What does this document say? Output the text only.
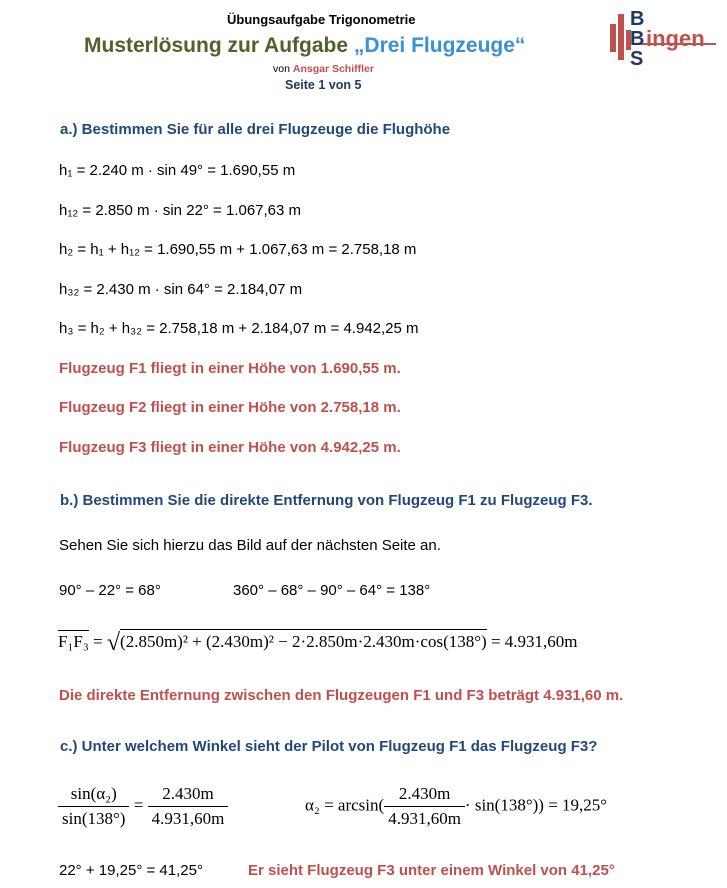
Übungsaufgabe Trigonometrie
Musterlösung zur Aufgabe „Drei Flugzeuge“
von Ansgar Schiffler
Seite 1 von 5
B
B
S
ingen
a.) Bestimmen Sie für alle drei Flugzeuge die Flughöhe
h₁ = 2.240 m · sin 49° = 1.690,55 m
h₁₂ = 2.850 m · sin 22° = 1.067,63 m
h₂ = h₁ + h₁₂ = 1.690,55 m + 1.067,63 m = 2.758,18 m
h₃₂ = 2.430 m · sin 64° = 2.184,07 m
h₃ = h₂ + h₃₂ = 2.758,18 m + 2.184,07 m = 4.942,25 m
Flugzeug F1 fliegt in einer Höhe von 1.690,55 m.
Flugzeug F2 fliegt in einer Höhe von 2.758,18 m.
Flugzeug F3 fliegt in einer Höhe von 4.942,25 m.
b.) Bestimmen Sie die direkte Entfernung von Flugzeug F1 zu Flugzeug F3.
Sehen Sie sich hierzu das Bild auf der nächsten Seite an.
90° – 22° = 68°	360° – 68° – 90° – 64° = 138°
F₁F₃ = √(2.850m)² + (2.430m)² − 2·2.850m·2.430m·cos(138°) = 4.931,60m
Die direkte Entfernung zwischen den Flugzeugen F1 und F3 beträgt 4.931,60 m.
c.) Unter welchem Winkel sieht der Pilot von Flugzeug F1 das Flugzeug F3?
$\frac{\text{sin(α₂)}}{\sin(138^\circ)} = \frac{2.430m}{4.931,60m}$	$\alpha_2 = \arcsin( \frac{2.430m}{4.931,60m} \cdot \sin(138^\circ)) = 19,25^\circ$
22° + 19,25° = 41,25°	Er sieht Flugzeug F3 unter einem Winkel von 41,25°
